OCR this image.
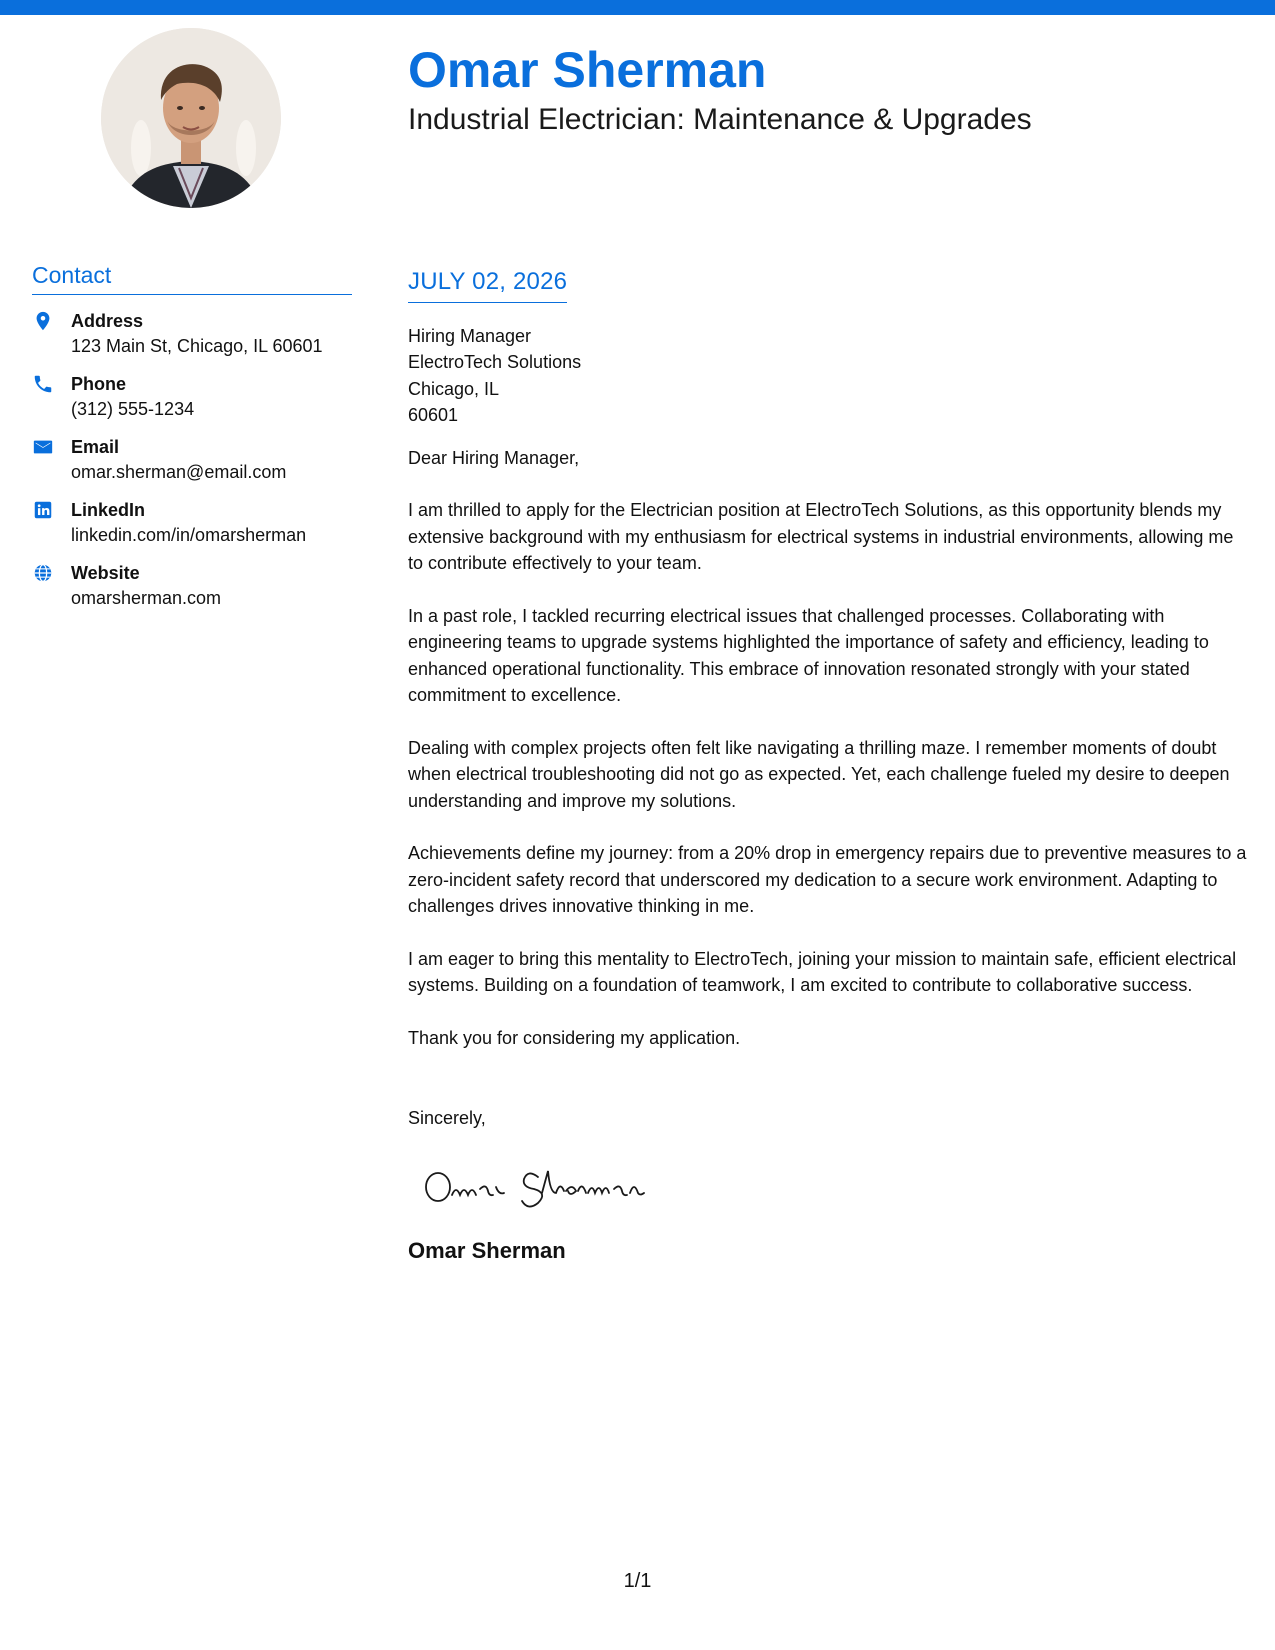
Omar Sherman
Industrial Electrician: Maintenance & Upgrades
Contact
Address
123 Main St, Chicago, IL 60601
Phone
(312) 555-1234
Email
omar.sherman@email.com
LinkedIn
linkedin.com/in/omarsherman
Website
omarsherman.com
JULY 02, 2026
Hiring Manager
ElectroTech Solutions
Chicago, IL
60601
Dear Hiring Manager,

I am thrilled to apply for the Electrician position at ElectroTech Solutions, as this opportunity blends my extensive background with my enthusiasm for electrical systems in industrial environments, allowing me to contribute effectively to your team.

In a past role, I tackled recurring electrical issues that challenged processes. Collaborating with engineering teams to upgrade systems highlighted the importance of safety and efficiency, leading to enhanced operational functionality. This embrace of innovation resonated strongly with your stated commitment to excellence.

Dealing with complex projects often felt like navigating a thrilling maze. I remember moments of doubt when electrical troubleshooting did not go as expected. Yet, each challenge fueled my desire to deepen understanding and improve my solutions.

Achievements define my journey: from a 20% drop in emergency repairs due to preventive measures to a zero-incident safety record that underscored my dedication to a secure work environment. Adapting to challenges drives innovative thinking in me.

I am eager to bring this mentality to ElectroTech, joining your mission to maintain safe, efficient electrical systems. Building on a foundation of teamwork, I am excited to contribute to collaborative success.

Thank you for considering my application.

Sincerely,
Omar Sherman
1/1
